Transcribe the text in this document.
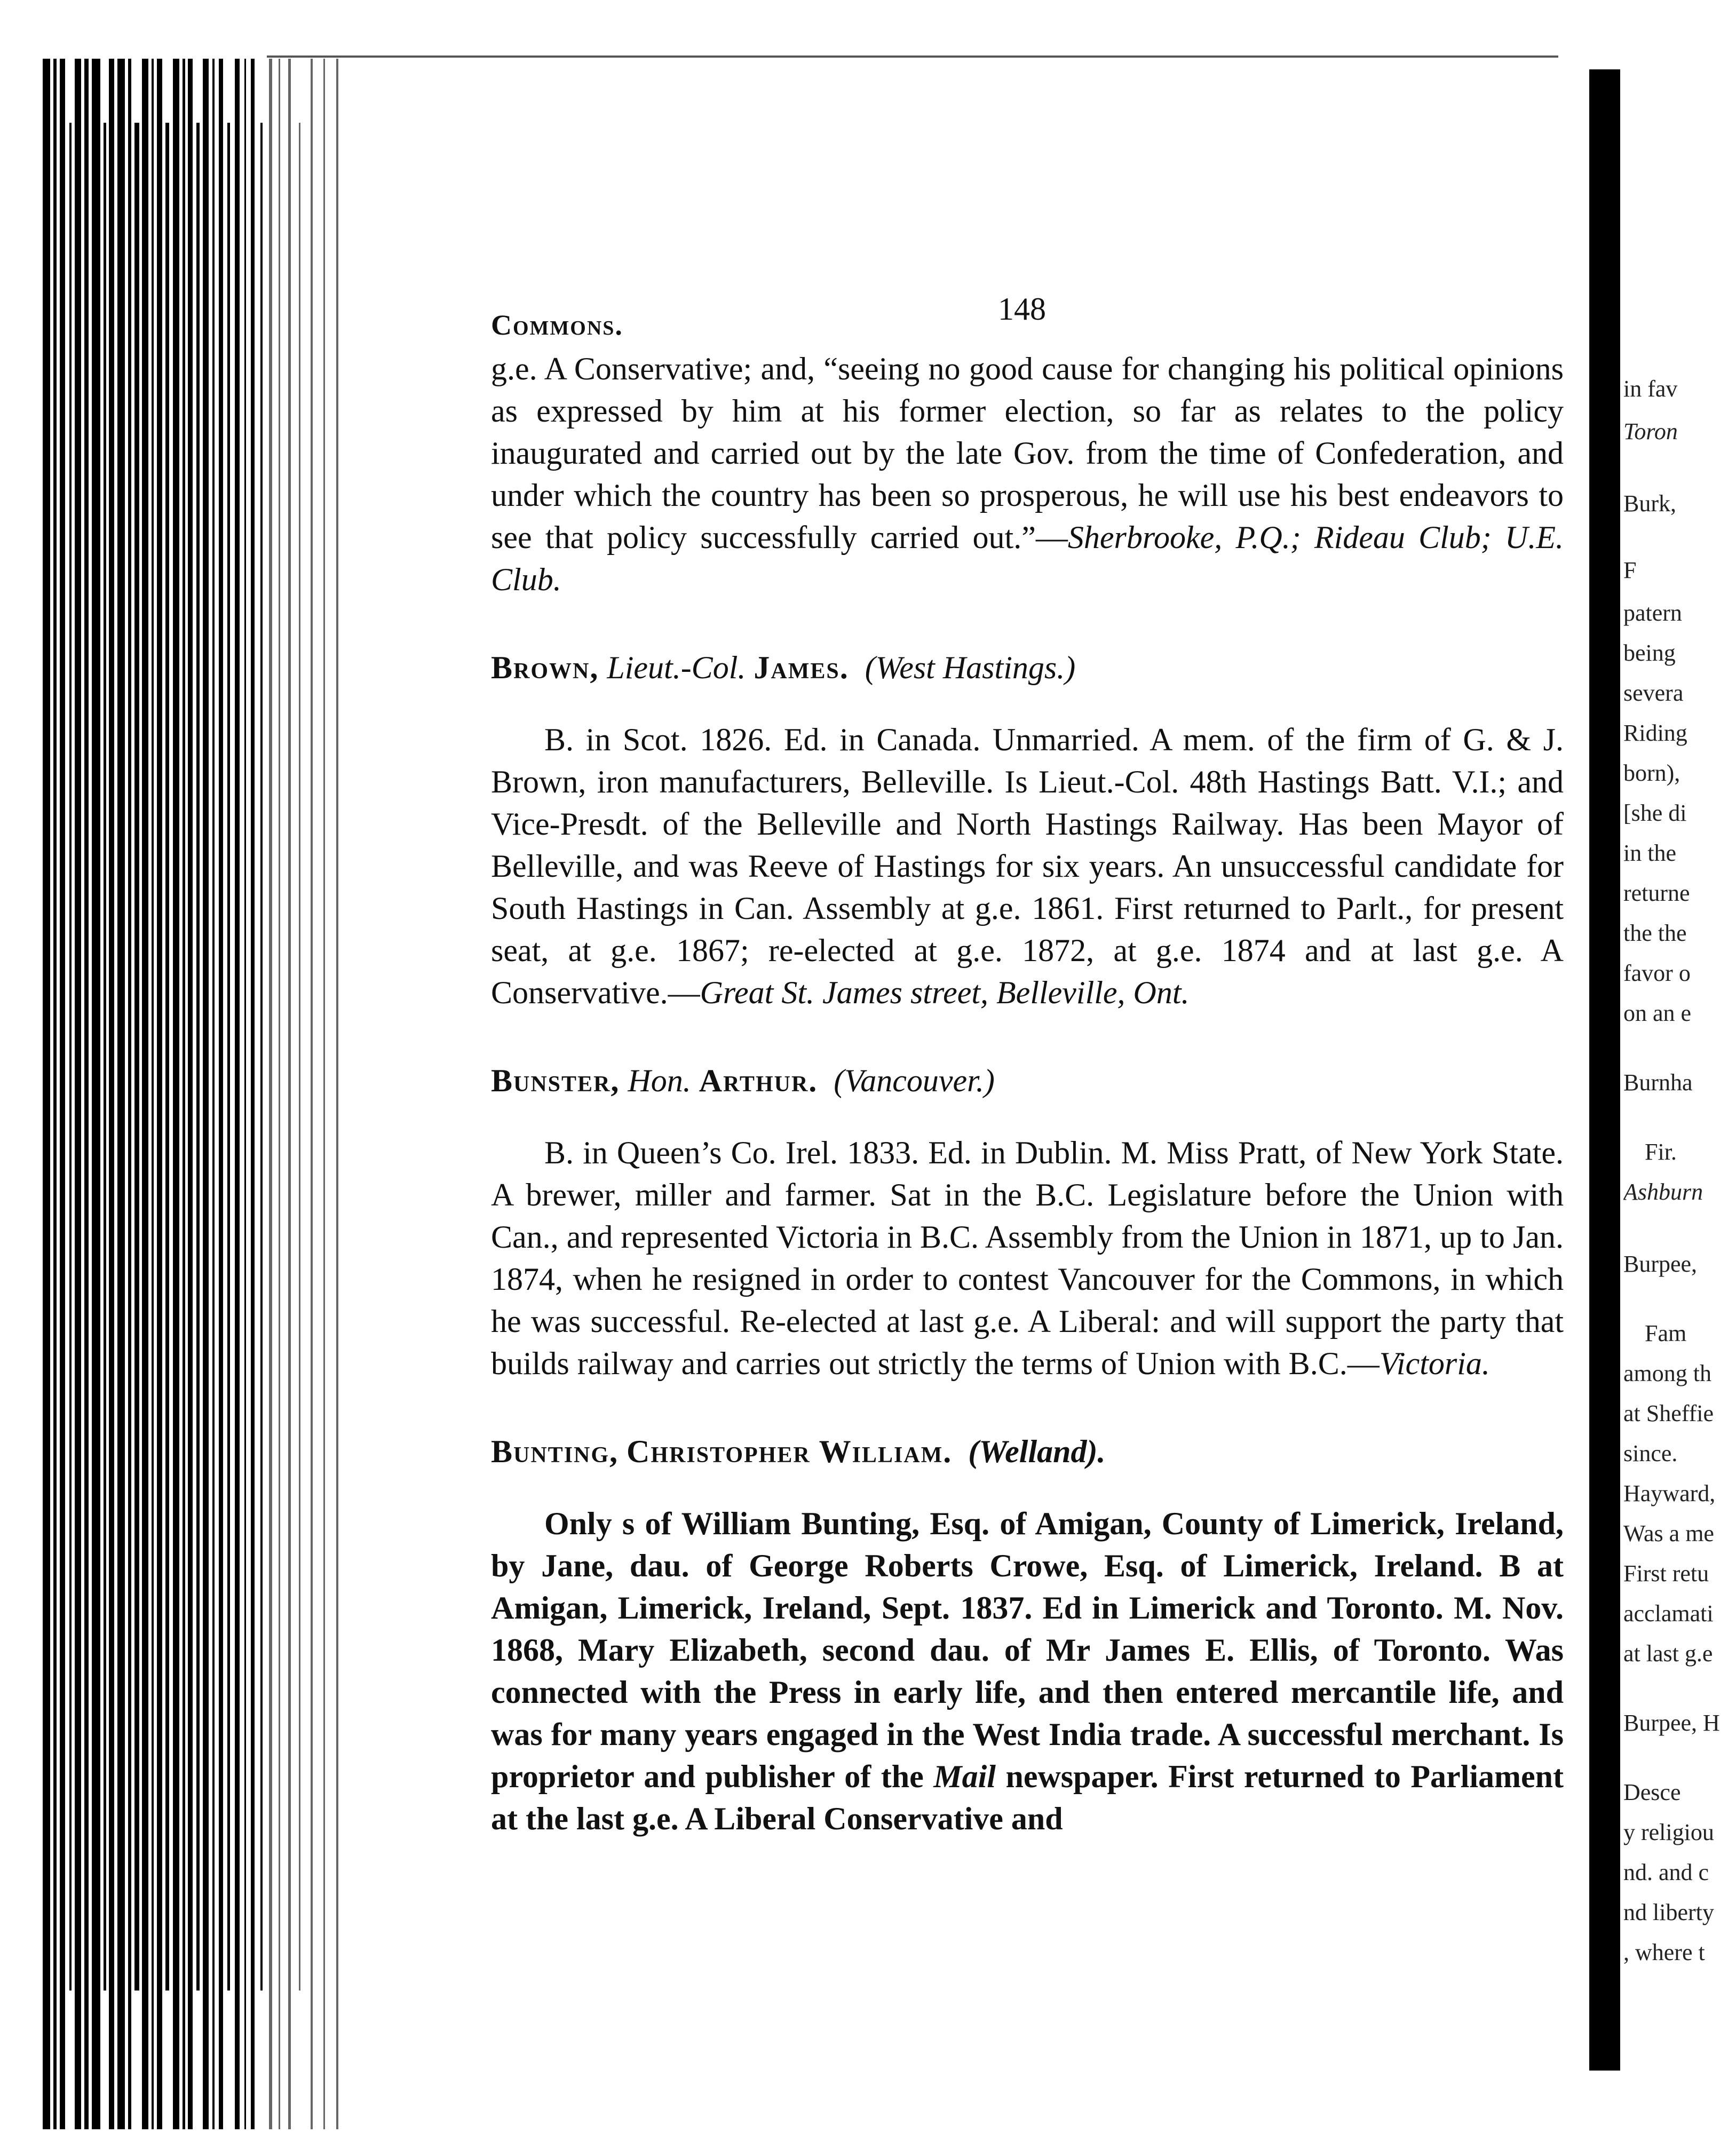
Commons.	148

g.e. A Conservative; and, “seeing no good cause for changing his political opinions as expressed by him at his former election, so far as relates to the policy inaugurated and carried out by the late Gov. from the time of Confederation, and under which the country has been so prosperous, he will use his best endeavors to see that policy successfully carried out.”—Sherbrooke, P.Q.; Rideau Club; U.E. Club.

Brown, Lieut.-Col. James. (West Hastings.)

B. in Scot. 1826. Ed. in Canada. Unmarried. A mem. of the firm of G. & J. Brown, iron manufacturers, Belleville. Is Lieut.-Col. 48th Hastings Batt. V.I.; and Vice-Presdt. of the Belleville and North Hastings Railway. Has been Mayor of Belleville, and was Reeve of Hastings for six years. An unsuccessful candidate for South Hastings in Can. Assembly at g.e. 1861. First returned to Parlt., for present seat, at g.e. 1867; re-elected at g.e. 1872, at g.e. 1874 and at last g.e. A Conservative.—Great St. James street, Belleville, Ont.

Bunster, Hon. Arthur. (Vancouver.)

B. in Queen’s Co. Irel. 1833. Ed. in Dublin. M. Miss Pratt, of New York State. A brewer, miller and farmer. Sat in the B.C. Legislature before the Union with Can., and represented Victoria in B.C. Assembly from the Union in 1871, up to Jan. 1874, when he resigned in order to contest Vancouver for the Commons, in which he was successful. Re-elected at last g.e. A Liberal: and will support the party that builds railway and carries out strictly the terms of Union with B.C.—Victoria.

Bunting, Christopher William. (Welland).

Only s of William Bunting, Esq. of Amigan, County of Limerick, Ireland, by Jane, dau. of George Roberts Crowe, Esq. of Limerick, Ireland. B at Amigan, Limerick, Ireland, Sept. 1837. Ed in Limerick and Toronto. M. Nov. 1868, Mary Elizabeth, second dau. of Mr James E. Ellis, of Toronto. Was connected with the Press in early life, and then entered mercantile life, and was for many years engaged in the West India trade. A successful merchant. Is proprietor and publisher of the Mail newspaper. First returned to Parliament at the last g.e. A Liberal Conservative and

in fav
Toron
Burk,
F
patern
being
severa
Riding
born),
[she di
in the
returne
the the
favor o
on an e
Burnha
Fir.
Ashburn
Burpee,
Fam
among th
at Sheffie
since.
Hayward,
Was a me
First retu
acclamati
at last g.e
Burpee, H
Desce
y religiou
nd. and c
nd liberty
, where t
